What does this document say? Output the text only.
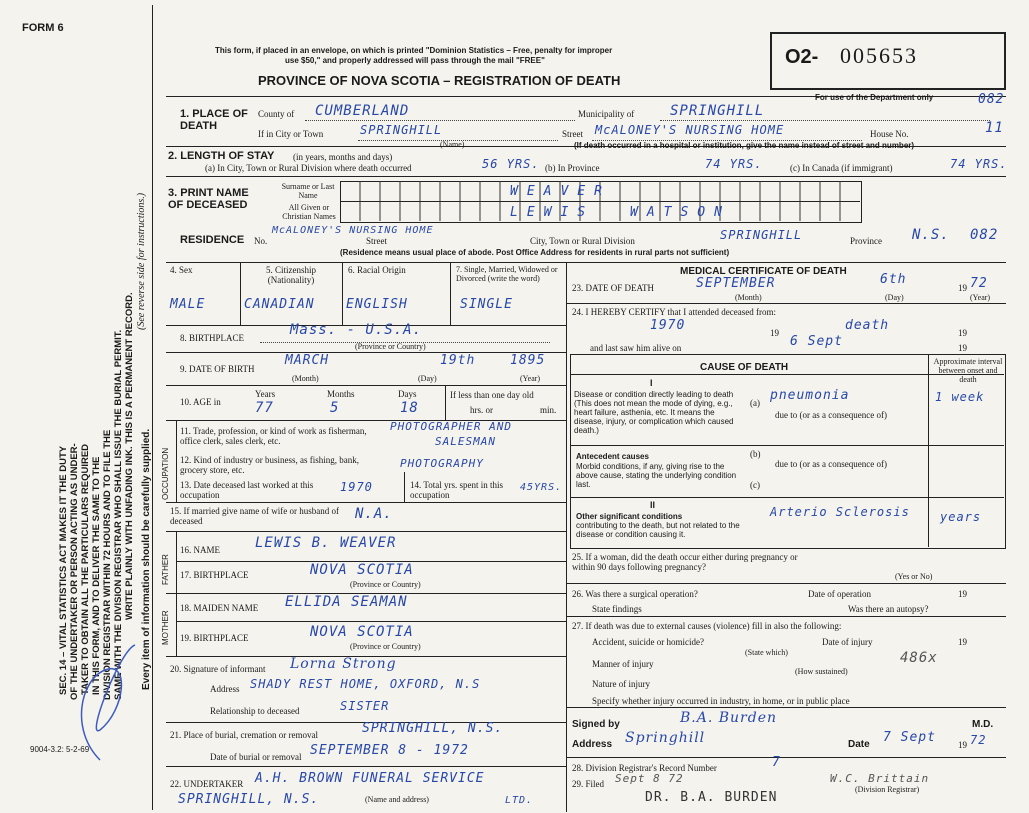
FORM 6
This form, if placed in an envelope, on which is printed "Dominion Statistics – Free, penalty for improper
use $50," and properly addressed will pass through the mail "FREE"
PROVINCE OF NOVA SCOTIA – REGISTRATION OF DEATH
O2- 005653
For use of the Department only	082
SEC. 14 – VITAL STATISTICS ACT MAKES IT THE DUTY OF THE UNDERTAKER OR PERSON ACTING AS UNDER- TAKER TO OBTAIN ALL THE PARTICULARS REQUIRED IN THIS FORM, AND TO DELIVER THE SAME TO THE DIVISION REGISTRAR WITHIN 72 HOURS AND TO FILE THE SAME WITH THE DIVISION REGISTRAR WHO SHALL ISSUE THE BURIAL PERMIT. WRITE PLAINLY WITH UNFADING INK. THIS IS A PERMANENT RECORD.
(See reverse side for instructions.)
Every item of information should be carefully supplied. OCCUPATION
FATHER
MOTHER
9004-3.2: 5-2-69
1. PLACE OF DEATH
County of CUMBERLAND	Municipality of	SPRINGHILL
If in City or Town	SPRINGHILL
(Name)
Street McALONEY'S NURSING HOME	House No.	11
(If death occurred in a hospital or institution, give the name instead of street and number)
2. LENGTH OF STAY (in years, months and days)
(a) In City, Town or Rural Division where death occurred	56 YRS. (b) In Province	74 YRS.	(c) In Canada (if immigrant)	74 YRS.
3. PRINT NAME OF DECEASED
Surname or Last Name
All Given or Christian Names
WEAVER
LEWIS	WATSON
RESIDENCE No.
McALONEY'S NURSING HOME
Street	City, Town or Rural Division	SPRINGHILL	Province N.S. 082
(Residence means usual place of abode. Post Office Address for residents in rural parts not sufficient)
4. Sex
MALE
5. Citizenship (Nationality)
CANADIAN
6. Racial Origin
ENGLISH
7. Single, Married, Widowed or Divorced (write the word)
SINGLE
8. BIRTHPLACE	Mass. - U.S.A.
(Province or Country)
9. DATE OF BIRTH
MARCH	19th	1895
(Month)	(Day)	(Year)
10. AGE in
Years	Months	Days
77	5	18
If less than one day old
hrs. or	min.
11. Trade, profession, or kind of work as fisherman, office clerk, sales clerk, etc.
PHOTOGRAPHER AND
SALESMAN
12. Kind of industry or business, as fishing, bank, grocery store, etc.	PHOTOGRAPHY
13. Date deceased last worked at this occupation
1970	14. Total yrs. spent in this occupation
45YRS.
15. If married give name of wife or husband of deceased	N.A.
16. NAME	LEWIS B. WEAVER
17. BIRTHPLACE	NOVA SCOTIA
(Province or Country)
18. MAIDEN NAME ELLIDA SEAMAN
19. BIRTHPLACE	NOVA SCOTIA
(Province or Country)
20. Signature of informant Lorna Strong
Address SHADY REST HOME, OXFORD, N.S
Relationship to deceased	SISTER
21. Place of burial, cremation or removal	SPRINGHILL, N.S.
Date of burial or removal SEPTEMBER 8 - 1972
22. UNDERTAKER A.H. BROWN FUNERAL SERVICE
SPRINGHILL, N.S.	(Name and address)	LTD.
MEDICAL CERTIFICATE OF DEATH
23. DATE OF DEATH	SEPTEMBER	6th
19 72
(Month)	(Day)	(Year)
24. I HEREBY CERTIFY that I attended deceased from:
1970	19	death	19
and last saw him alive on	6 Sept	19
CAUSE OF DEATH
Approximate interval between onset and death
I
Disease or condition directly leading to death (This does not mean the mode of dying, e.g., heart failure, asthenia, etc. It means the disease, injury, or complication which caused death.)
(a) pneumonia	1 week
due to (or as a consequence of)
Antecedent causes
Morbid conditions, if any, giving rise to the above cause, stating the underlying condition last.
(b)
due to (or as a consequence of)
(c)
II
Other significant conditions
contributing to the death, but not related to the disease or condition causing it.
Arterio Sclerosis	years
25. If a woman, did the death occur either during pregnancy or within 90 days following pregnancy?
(Yes or No)
26. Was there a surgical operation?	Date of operation	19
State findings	Was there an autopsy?
27. If death was due to external causes (violence) fill in also the following:
Accident, suicide or homicide?	Date of injury	19
(State which)
Manner of injury	486x
(How sustained)
Nature of injury
Specify whether injury occurred in industry, in home, or in public place
Signed by	B.A. Burden	M.D.
Address Springhill	Date 7 Sept 19 72
28. Division Registrar's Record Number	7
29. Filed Sept 8 72	W.C. Brittain
(Division Registrar)
DR. B.A. BURDEN
